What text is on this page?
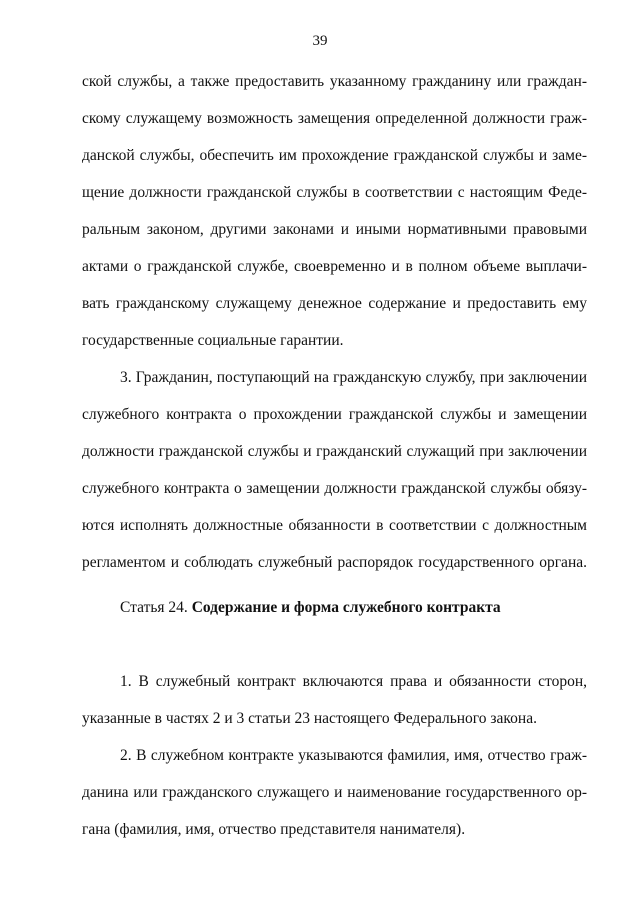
39
ской службы, а также предоставить указанному гражданину или граждан-
скому служащему возможность замещения определенной должности граж-
данской службы, обеспечить им прохождение гражданской службы и заме-
щение должности гражданской службы в соответствии с настоящим Феде-
ральным законом, другими законами и иными нормативными правовыми
актами о гражданской службе, своевременно и в полном объеме выплачи-
вать гражданскому служащему денежное содержание и предоставить ему
государственные социальные гарантии.
3. Гражданин, поступающий на гражданскую службу, при заключении
служебного контракта о прохождении гражданской службы и замещении
должности гражданской службы и гражданский служащий при заключении
служебного контракта о замещении должности гражданской службы обязу-
ются исполнять должностные обязанности в соответствии с должностным
регламентом и соблюдать служебный распорядок государственного органа.
Статья 24. Содержание и форма служебного контракта
1. В служебный контракт включаются права и обязанности сторон,
указанные в частях 2 и 3 статьи 23 настоящего Федерального закона.
2. В служебном контракте указываются фамилия, имя, отчество граж-
данина или гражданского служащего и наименование государственного ор-
гана (фамилия, имя, отчество представителя нанимателя).
